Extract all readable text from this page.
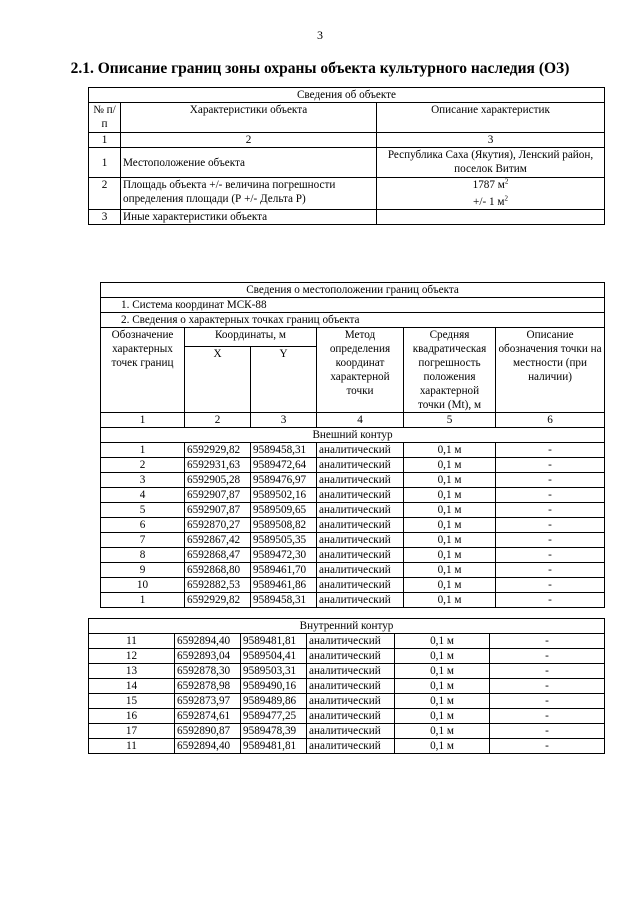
3
2.1. Описание границ зоны охраны объекта культурного наследия (ОЗ)
Сведения об объекте		
№ п/п	Характеристики объекта	Описание характеристик
1	2	3
1	Местоположение объекта	Республика Саха (Якутия), Ленский район, поселок Витим
2	Площадь объекта +/- величина погрешности определения площади (Р +/- Дельта Р)	1787 $м^2$
+/- 1 $м^2$

3	Иные характеристики объекта	
Сведения о местоположении границ объекта					
1. Система координат МСК-88					
2. Сведения о характерных точках границ объекта					
Обозначение характерных точек границ	Координаты, м		Метод определения координат характерной точки	Средняя квадратическая погрешность положения характерной точки (Mt), м	Описание обозначения точки на местности (при наличии)
	X	Y			
1	2	3	4	5	6
Внешний контур					
1	6592929,82	9589458,31	аналитический	0,1 м	-
2	6592931,63	9589472,64	аналитический	0,1 м	-
3	6592905,28	9589476,97	аналитический	0,1 м	-
4	6592907,87	9589502,16	аналитический	0,1 м	-
5	6592907,87	9589509,65	аналитический	0,1 м	-
6	6592870,27	9589508,82	аналитический	0,1 м	-
7	6592867,42	9589505,35	аналитический	0,1 м	-
8	6592868,47	9589472,30	аналитический	0,1 м	-
9	6592868,80	9589461,70	аналитический	0,1 м	-
10	6592882,53	9589461,86	аналитический	0,1 м	-
1	6592929,82	9589458,31	аналитический	0,1 м	-
Внутренний контур					
11	6592894,40	9589481,81	аналитический	0,1 м	-
12	6592893,04	9589504,41	аналитический	0,1 м	-
13	6592878,30	9589503,31	аналитический	0,1 м	-
14	6592878,98	9589490,16	аналитический	0,1 м	-
15	6592873,97	9589489,86	аналитический	0,1 м	-
16	6592874,61	9589477,25	аналитический	0,1 м	-
17	6592890,87	9589478,39	аналитический	0,1 м	-
11	6592894,40	9589481,81	аналитический	0,1 м	-
